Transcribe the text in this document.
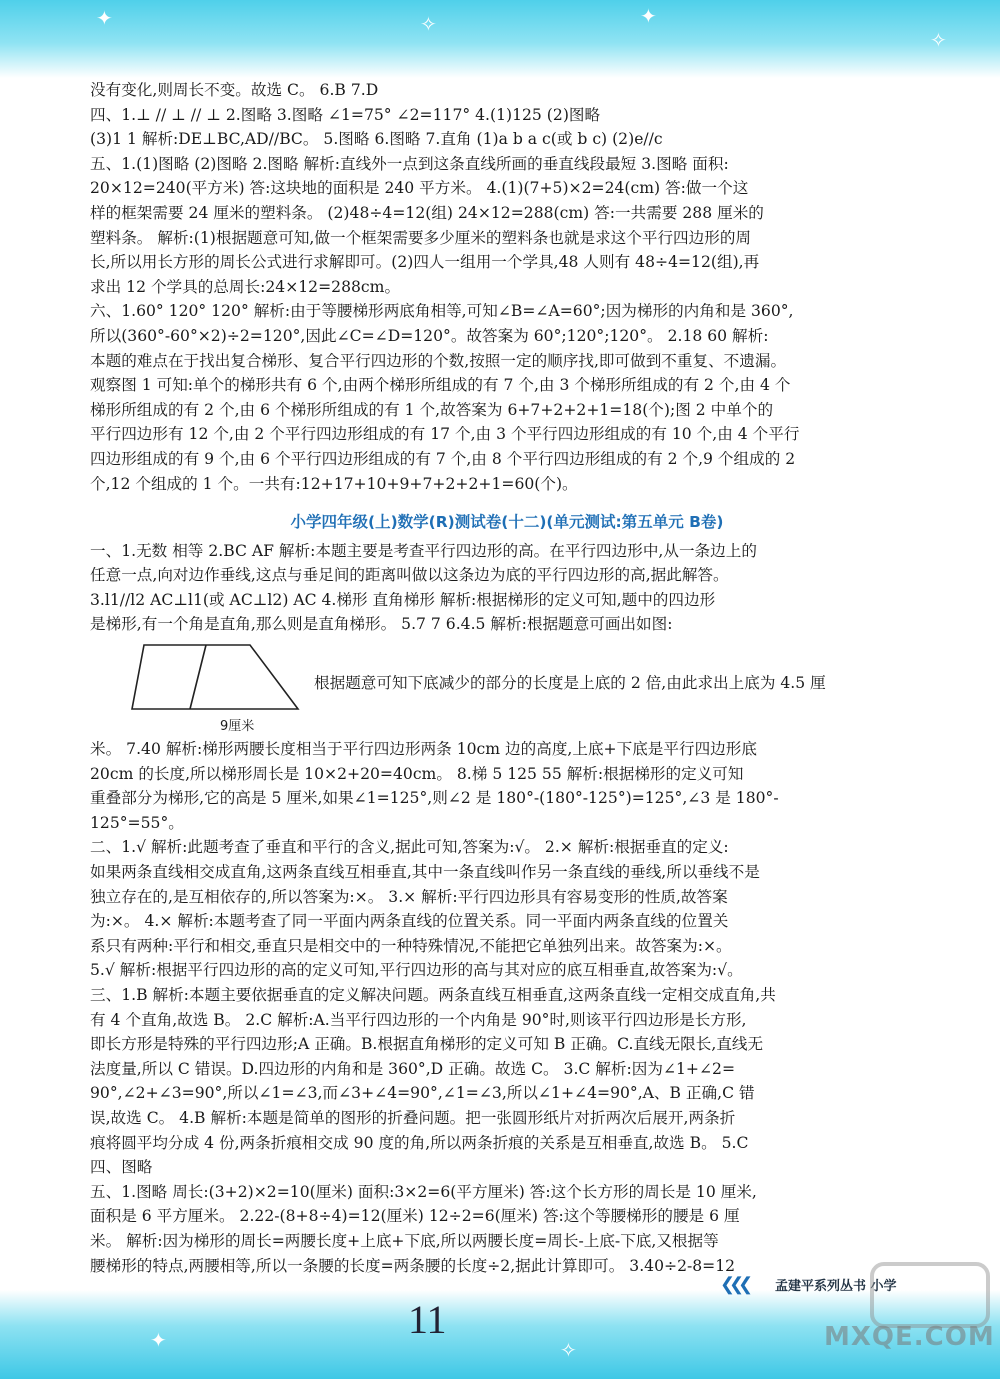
✦	✧	✦
✧
没有变化,则周长不变。故选 C。 6.B 7.D
四、1.⊥ // ⊥ // ⊥ 2.图略 3.图略 ∠1=75° ∠2=117° 4.(1)125 (2)图略
(3)1 1 解析:DE⊥BC,AD//BC。 5.图略 6.图略 7.直角 (1)a b a c(或 b c) (2)e//c
五、1.(1)图略 (2)图略 2.图略 解析:直线外一点到这条直线所画的垂直线段最短 3.图略 面积:
20×12=240(平方米) 答:这块地的面积是 240 平方米。 4.(1)(7+5)×2=24(cm) 答:做一个这
样的框架需要 24 厘米的塑料条。 (2)48÷4=12(组) 24×12=288(cm) 答:一共需要 288 厘米的
塑料条。 解析:(1)根据题意可知,做一个框架需要多少厘米的塑料条也就是求这个平行四边形的周
长,所以用长方形的周长公式进行求解即可。(2)四人一组用一个学具,48 人则有 48÷4=12(组),再
求出 12 个学具的总周长:24×12=288cm。
六、1.60° 120° 120° 解析:由于等腰梯形两底角相等,可知∠B=∠A=60°;因为梯形的内角和是 360°,
所以(360°-60°×2)÷2=120°,因此∠C=∠D=120°。故答案为 60°;120°;120°。 2.18 60 解析:
本题的难点在于找出复合梯形、复合平行四边形的个数,按照一定的顺序找,即可做到不重复、不遗漏。
观察图 1 可知:单个的梯形共有 6 个,由两个梯形所组成的有 7 个,由 3 个梯形所组成的有 2 个,由 4 个
梯形所组成的有 2 个,由 6 个梯形所组成的有 1 个,故答案为 6+7+2+2+1=18(个);图 2 中单个的
平行四边形有 12 个,由 2 个平行四边形组成的有 17 个,由 3 个平行四边形组成的有 10 个,由 4 个平行
四边形组成的有 9 个,由 6 个平行四边形组成的有 7 个,由 8 个平行四边形组成的有 2 个,9 个组成的 2
个,12 个组成的 1 个。一共有:12+17+10+9+7+2+2+1=60(个)。
小学四年级(上)数学(R)测试卷(十二)(单元测试:第五单元 B卷)
一、1.无数 相等 2.BC AF 解析:本题主要是考查平行四边形的高。在平行四边形中,从一条边上的
任意一点,向对边作垂线,这点与垂足间的距离叫做以这条边为底的平行四边形的高,据此解答。
3.l1//l2 AC⊥l1(或 AC⊥l2) AC 4.梯形 直角梯形 解析:根据梯形的定义可知,题中的四边形
是梯形,有一个角是直角,那么则是直角梯形。 5.7 7 6.4.5 解析:根据题意可画出如图:
9厘米
根据题意可知下底减少的部分的长度是上底的 2 倍,由此求出上底为 4.5 厘
米。 7.40 解析:梯形两腰长度相当于平行四边形两条 10cm 边的高度,上底+下底是平行四边形底
20cm 的长度,所以梯形周长是 10×2+20=40cm。 8.梯 5 125 55 解析:根据梯形的定义可知
重叠部分为梯形,它的高是 5 厘米,如果∠1=125°,则∠2 是 180°-(180°-125°)=125°,∠3 是 180°-
125°=55°。
二、1.√ 解析:此题考查了垂直和平行的含义,据此可知,答案为:√。 2.× 解析:根据垂直的定义:
如果两条直线相交成直角,这两条直线互相垂直,其中一条直线叫作另一条直线的垂线,所以垂线不是
独立存在的,是互相依存的,所以答案为:×。 3.× 解析:平行四边形具有容易变形的性质,故答案
为:×。 4.× 解析:本题考查了同一平面内两条直线的位置关系。同一平面内两条直线的位置关
系只有两种:平行和相交,垂直只是相交中的一种特殊情况,不能把它单独列出来。故答案为:×。
5.√ 解析:根据平行四边形的高的定义可知,平行四边形的高与其对应的底互相垂直,故答案为:√。
三、1.B 解析:本题主要依据垂直的定义解决问题。两条直线互相垂直,这两条直线一定相交成直角,共
有 4 个直角,故选 B。 2.C 解析:A.当平行四边形的一个内角是 90°时,则该平行四边形是长方形,
即长方形是特殊的平行四边形;A 正确。B.根据直角梯形的定义可知 B 正确。C.直线无限长,直线无
法度量,所以 C 错误。D.四边形的内角和是 360°,D 正确。故选 C。 3.C 解析:因为∠1+∠2=
90°,∠2+∠3=90°,所以∠1=∠3,而∠3+∠4=90°,∠1=∠3,所以∠1+∠4=90°,A、B 正确,C 错
误,故选 C。 4.B 解析:本题是简单的图形的折叠问题。把一张圆形纸片对折两次后展开,两条折
痕将圆平均分成 4 份,两条折痕相交成 90 度的角,所以两条折痕的关系是互相垂直,故选 B。 5.C
四、图略
五、1.图略 周长:(3+2)×2=10(厘米) 面积:3×2=6(平方厘米) 答:这个长方形的周长是 10 厘米,
面积是 6 平方厘米。 2.22-(8+8÷4)=12(厘米) 12÷2=6(厘米) 答:这个等腰梯形的腰是 6 厘
米。 解析:因为梯形的周长=两腰长度+上底+下底,所以两腰长度=周长-上底-下底,又根据等
腰梯形的特点,两腰相等,所以一条腰的长度=两条腰的长度÷2,据此计算即可。 3.40÷2-8=12
✦	✧
❮❮❮ 孟建平系列丛书 小学
11	MXQE.COM
